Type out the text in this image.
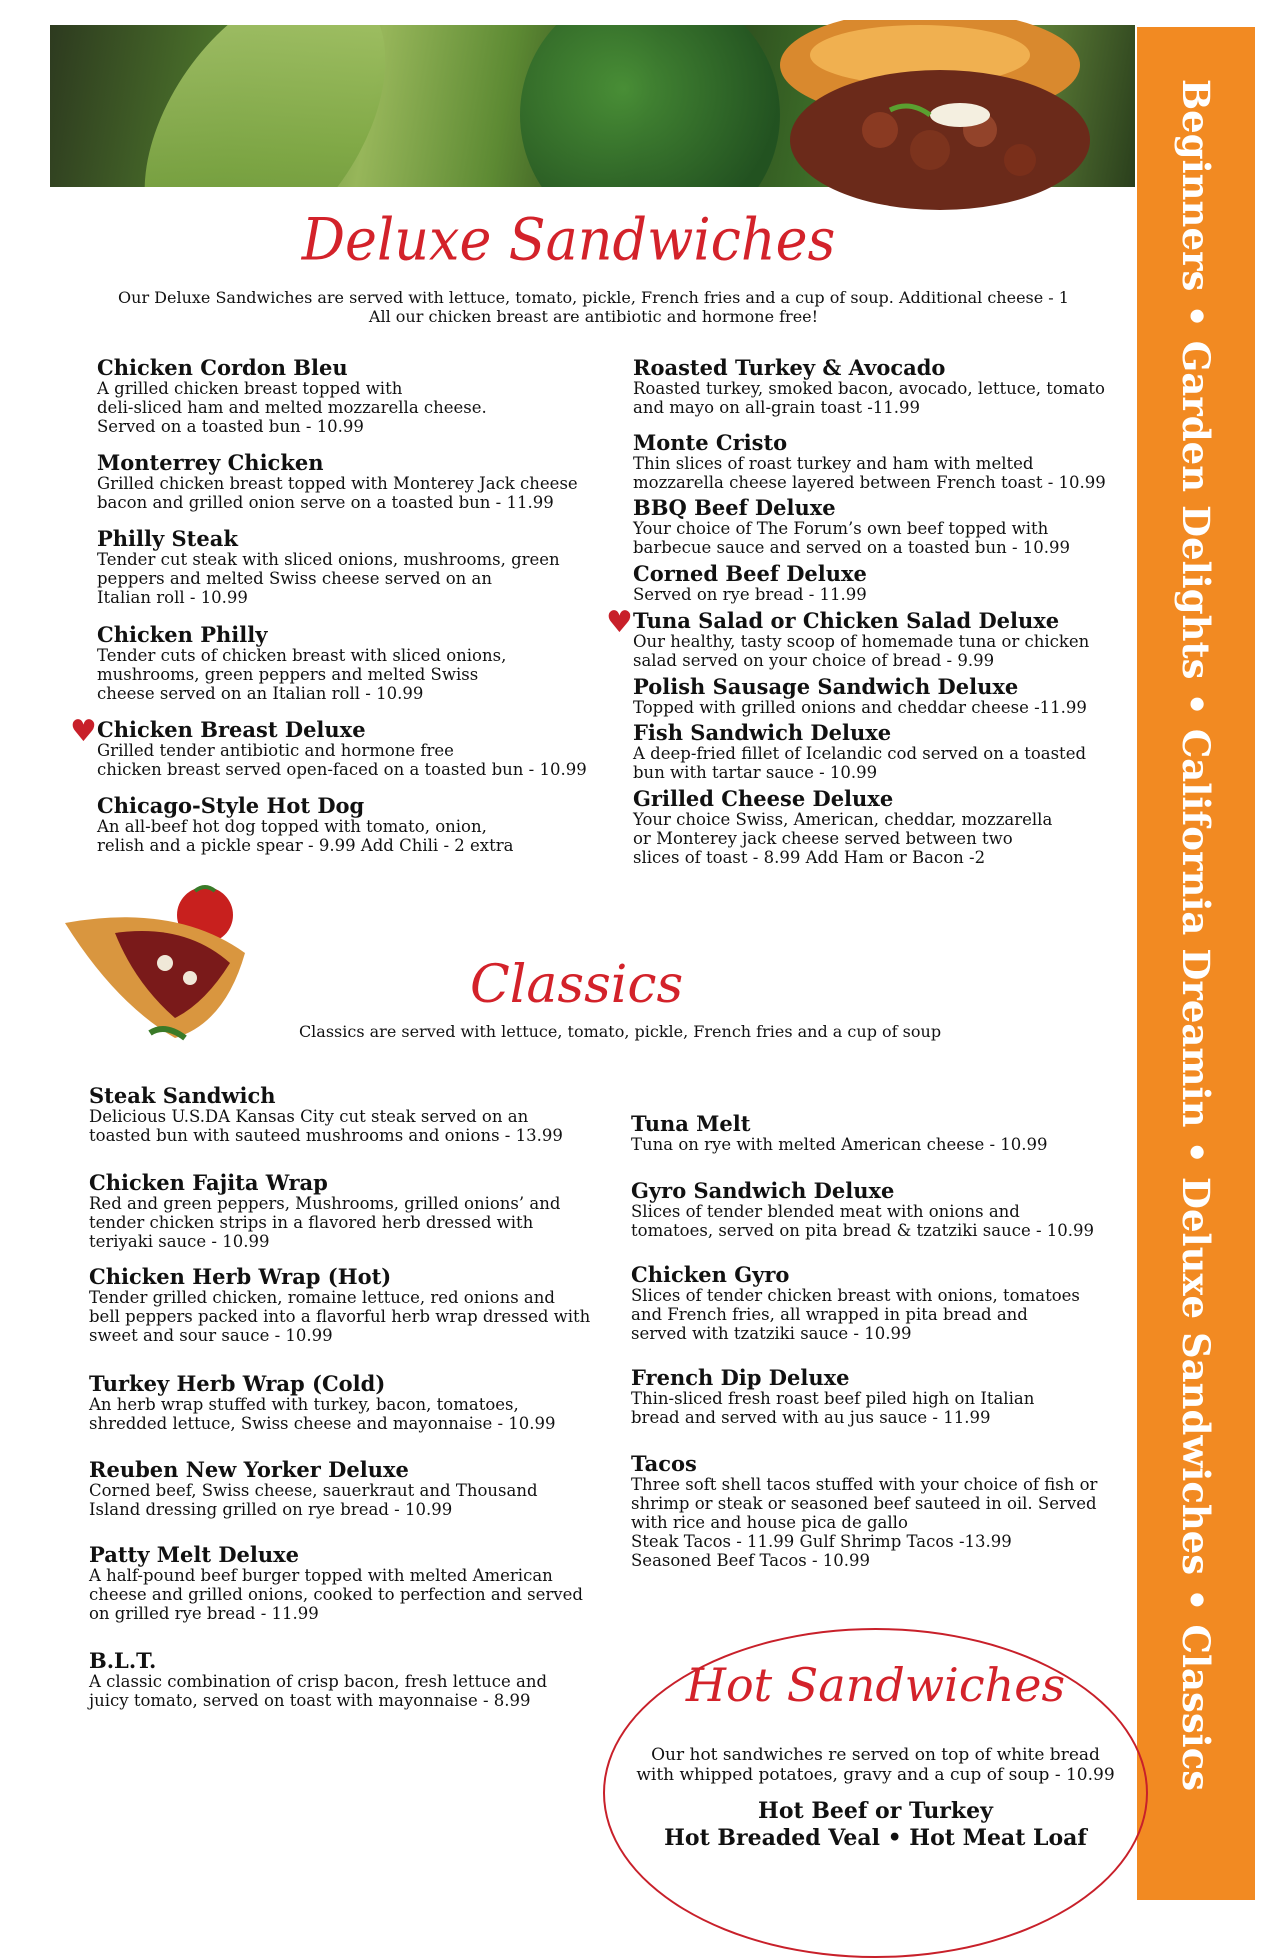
Beginners • Garden Delights • California Dreamin • Deluxe Sandwiches • Classics
Deluxe Sandwiches
Our Deluxe Sandwiches are served with lettuce, tomato, pickle, French fries and a cup of soup. Additional cheese - 1
All our chicken breast are antibiotic and hormone free!
Chicken Cordon Bleu

A grilled chicken breast topped with
deli-sliced ham and melted mozzarella cheese.
Served on a toasted bun - 10.99

Monterrey Chicken

Grilled chicken breast topped with Monterey Jack cheese
bacon and grilled onion serve on a toasted bun - 11.99

Philly Steak

Tender cut steak with sliced onions, mushrooms, green
peppers and melted Swiss cheese served on an
Italian roll - 10.99

Chicken Philly

Tender cuts of chicken breast with sliced onions,
mushrooms, green peppers and melted Swiss
cheese served on an Italian roll - 10.99

♥ Chicken Breast Deluxe

Grilled tender antibiotic and hormone free
chicken breast served open-faced on a toasted bun - 10.99

Chicago-Style Hot Dog

An all-beef hot dog topped with tomato, onion,
relish and a pickle spear - 9.99 Add Chili - 2 extra

Roasted Turkey & Avocado

Roasted turkey, smoked bacon, avocado, lettuce, tomato
and mayo on all-grain toast -11.99

Monte Cristo

Thin slices of roast turkey and ham with melted
mozzarella cheese layered between French toast - 10.99

BBQ Beef Deluxe

Your choice of The Forum’s own beef topped with
barbecue sauce and served on a toasted bun - 10.99

Corned Beef Deluxe

Served on rye bread - 11.99

♥ Tuna Salad or Chicken Salad Deluxe

Our healthy, tasty scoop of homemade tuna or chicken
salad served on your choice of bread - 9.99

Polish Sausage Sandwich Deluxe

Topped with grilled onions and cheddar cheese -11.99

Fish Sandwich Deluxe

A deep-fried fillet of Icelandic cod served on a toasted
bun with tartar sauce - 10.99

Grilled Cheese Deluxe

Your choice Swiss, American, cheddar, mozzarella
or Monterey jack cheese served between two
slices of toast - 8.99 Add Ham or Bacon -2

Classics
Classics are served with lettuce, tomato, pickle, French fries and a cup of soup
Steak Sandwich

Delicious U.S.DA Kansas City cut steak served on an
toasted bun with sauteed mushrooms and onions - 13.99

Chicken Fajita Wrap

Red and green peppers, Mushrooms, grilled onions’ and
tender chicken strips in a flavored herb dressed with
teriyaki sauce - 10.99

Chicken Herb Wrap (Hot)

Tender grilled chicken, romaine lettuce, red onions and
bell peppers packed into a flavorful herb wrap dressed with
sweet and sour sauce - 10.99

Turkey Herb Wrap (Cold)

An herb wrap stuffed with turkey, bacon, tomatoes,
shredded lettuce, Swiss cheese and mayonnaise - 10.99

Reuben New Yorker Deluxe

Corned beef, Swiss cheese, sauerkraut and Thousand
Island dressing grilled on rye bread - 10.99

Patty Melt Deluxe

A half-pound beef burger topped with melted American
cheese and grilled onions, cooked to perfection and served
on grilled rye bread - 11.99

B.L.T.

A classic combination of crisp bacon, fresh lettuce and
juicy tomato, served on toast with mayonnaise - 8.99

Tuna Melt

Tuna on rye with melted American cheese - 10.99

Gyro Sandwich Deluxe

Slices of tender blended meat with onions and
tomatoes, served on pita bread & tzatziki sauce - 10.99

Chicken Gyro

Slices of tender chicken breast with onions, tomatoes
and French fries, all wrapped in pita bread and
served with tzatziki sauce - 10.99

French Dip Deluxe

Thin-sliced fresh roast beef piled high on Italian
bread and served with au jus sauce - 11.99

Tacos

Three soft shell tacos stuffed with your choice of fish or
shrimp or steak or seasoned beef sauteed in oil. Served
with rice and house pica de gallo
Steak Tacos - 11.99 Gulf Shrimp Tacos -13.99
Seasoned Beef Tacos - 10.99

Hot Sandwiches
Our hot sandwiches re served on top of white bread
with whipped potatoes, gravy and a cup of soup - 10.99
Hot Beef or Turkey
Hot Breaded Veal • Hot Meat Loaf
